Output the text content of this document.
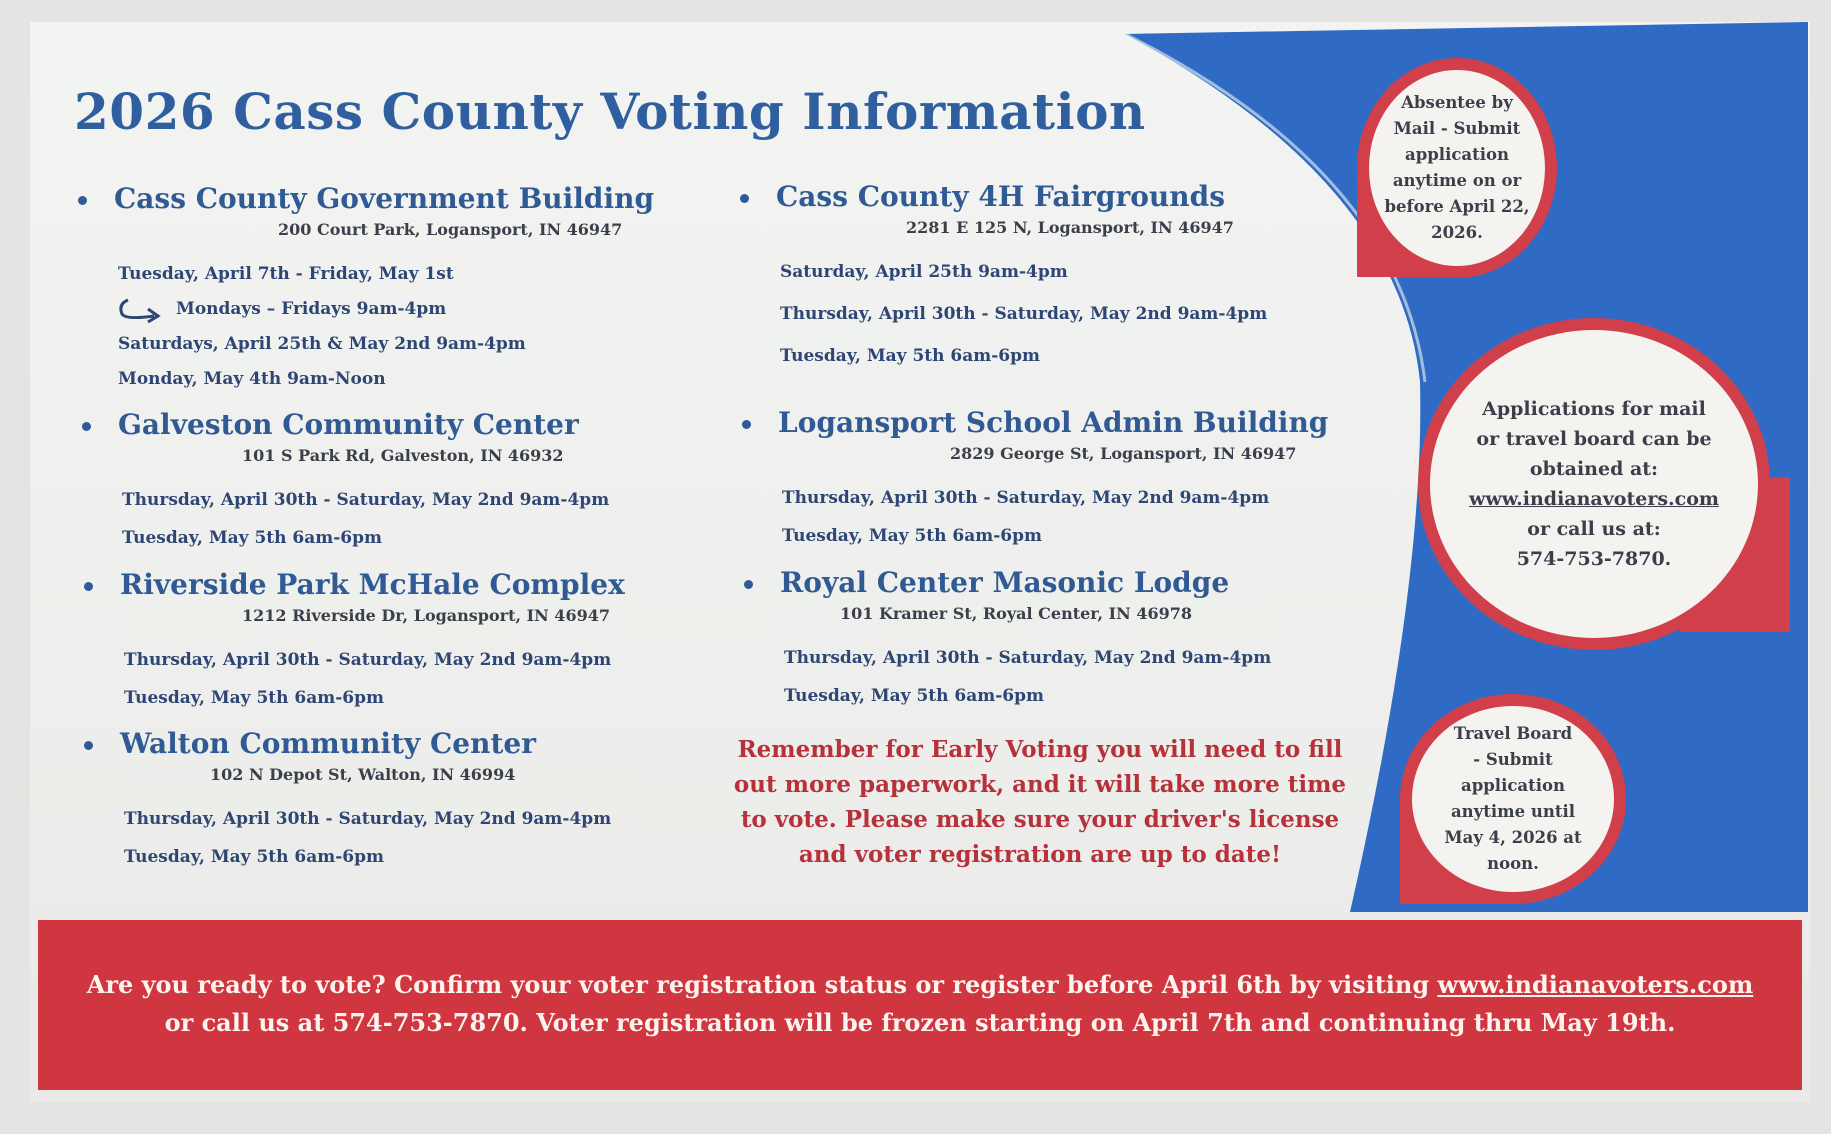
2026 Cass County Voting Information
Cass County Government Building
200 Court Park, Logansport, IN 46947
Tuesday, April 7th - Friday, May 1st
Mondays – Fridays 9am-4pm
Saturdays, April 25th & May 2nd 9am-4pm
Monday, May 4th 9am-Noon
Galveston Community Center
101 S Park Rd, Galveston, IN 46932
Thursday, April 30th - Saturday, May 2nd 9am-4pm
Tuesday, May 5th 6am-6pm
Riverside Park McHale Complex
1212 Riverside Dr, Logansport, IN 46947
Thursday, April 30th - Saturday, May 2nd 9am-4pm
Tuesday, May 5th 6am-6pm
Walton Community Center
102 N Depot St, Walton, IN 46994
Thursday, April 30th - Saturday, May 2nd 9am-4pm
Tuesday, May 5th 6am-6pm
Cass County 4H Fairgrounds
2281 E 125 N, Logansport, IN 46947
Saturday, April 25th 9am-4pm
Thursday, April 30th - Saturday, May 2nd 9am-4pm
Tuesday, May 5th 6am-6pm
Logansport School Admin Building
2829 George St, Logansport, IN 46947
Thursday, April 30th - Saturday, May 2nd 9am-4pm
Tuesday, May 5th 6am-6pm
Royal Center Masonic Lodge
101 Kramer St, Royal Center, IN 46978
Thursday, April 30th - Saturday, May 2nd 9am-4pm
Tuesday, May 5th 6am-6pm

Remember for Early Voting you will need to fill out more paperwork, and it will take more time to vote. Please make sure your driver's license and voter registration are up to date!

Absentee by
Mail - Submit
application
anytime on or
before April 22,
2026.
Applications for mail
or travel board can be
obtained at:
www.indianavoters.com
or call us at:
574-753-7870.
Travel Board
- Submit
application
anytime until
May 4, 2026 at
noon.
Are you ready to vote? Confirm your voter registration status or register before April 6th by visiting www.indianavoters.com
or call us at 574-753-7870. Voter registration will be frozen starting on April 7th and continuing thru May 19th.
